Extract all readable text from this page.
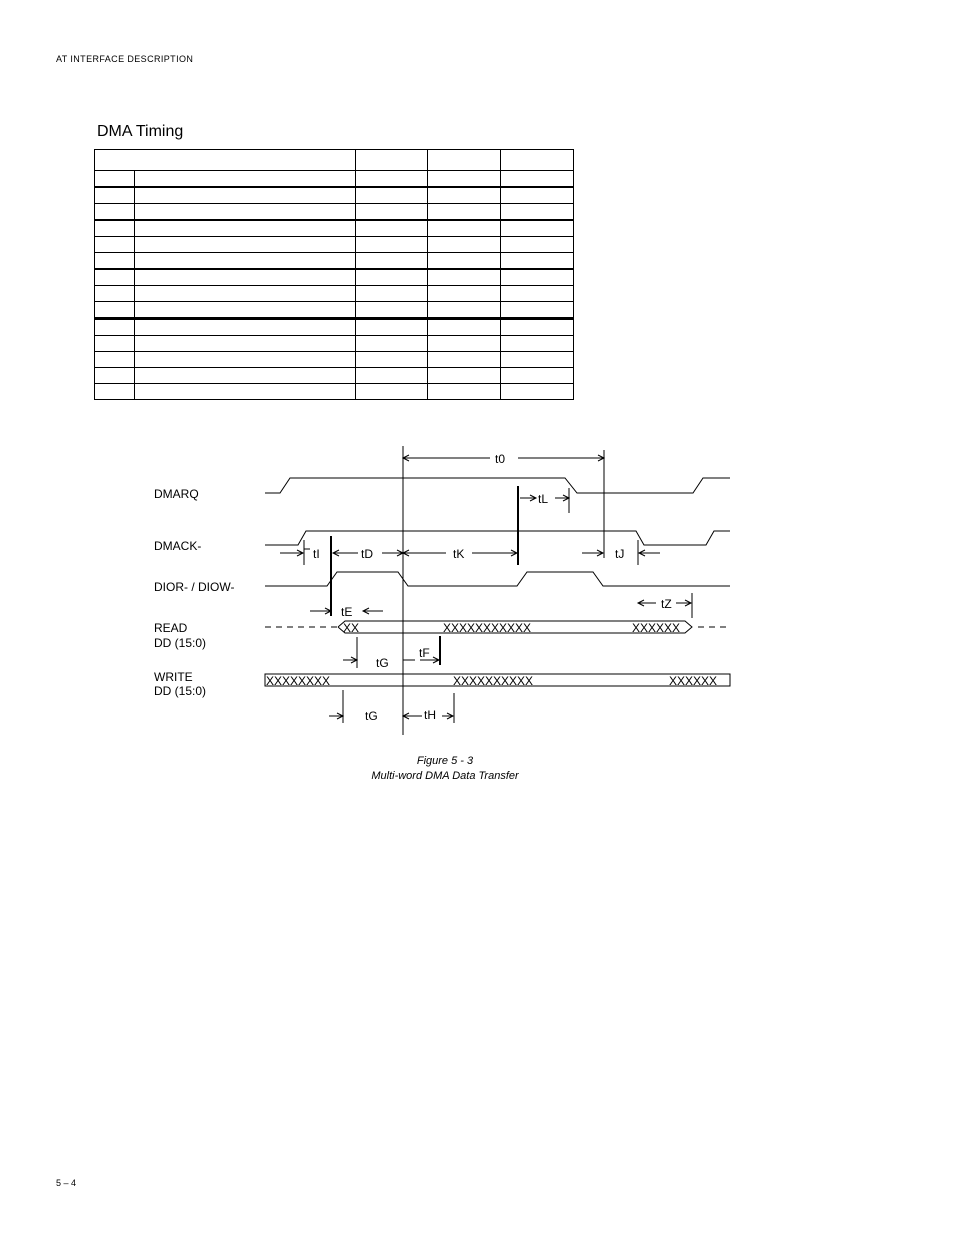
AT INTERFACE DESCRIPTION
DMA Timing

DMARQ
DMACK-
DIOR- / DIOW-
READ
DD (15:0)
WRITE
DD (15:0)
t0
tL
tI	tD	tK	tJ
tE
tZ
tF
tG
tG	tH
XX	XXXXXXXXXXX	XXXXXX
XXXXXXXX	XXXXXXXXXX	XXXXXX
Figure 5 - 3
Multi-word DMA Data Transfer
5 – 4
